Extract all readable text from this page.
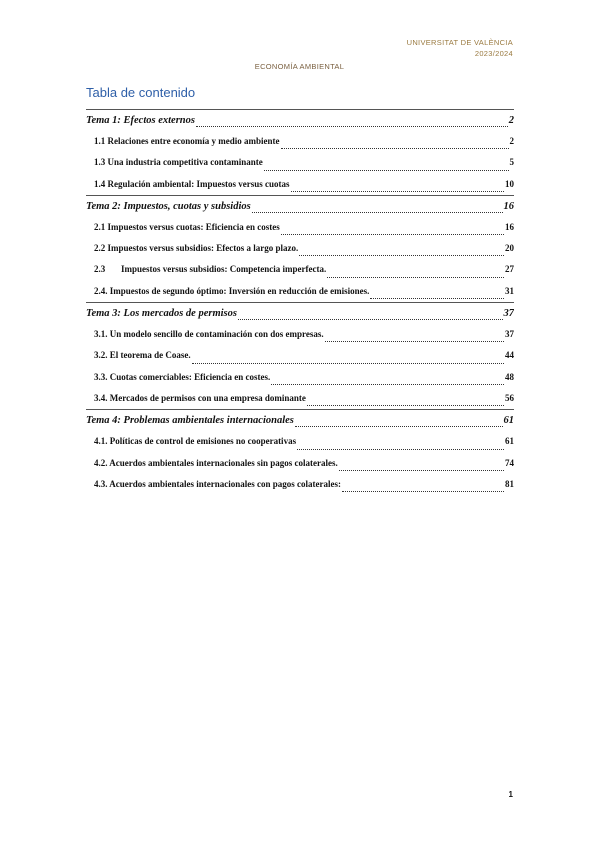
UNIVERSITAT DE VALÈNCIA
2023/2024
ECONOMÍA AMBIENTAL
Tabla de contenido
Tema 1: Efectos externos	2
1.1 Relaciones entre economía y medio ambiente	2
1.3 Una industria competitiva contaminante	5
1.4 Regulación ambiental: Impuestos versus cuotas	10
Tema 2: Impuestos, cuotas y subsidios	16
2.1 Impuestos versus cuotas: Eficiencia en costes	16
2.2 Impuestos versus subsidios: Efectos a largo plazo.	20
2.3       Impuestos versus subsidios: Competencia imperfecta.	27
2.4. Impuestos de segundo óptimo: Inversión en reducción de emisiones.	31
Tema 3: Los mercados de permisos	37
3.1. Un modelo sencillo de contaminación con dos empresas.	37
3.2. El teorema de Coase.	44
3.3. Cuotas comerciables: Eficiencia en costes.	48
3.4. Mercados de permisos con una empresa dominante	56
Tema 4: Problemas ambientales internacionales	61
4.1. Políticas de control de emisiones no cooperativas	61
4.2. Acuerdos ambientales internacionales sin pagos colaterales.	74
4.3. Acuerdos ambientales internacionales con pagos colaterales:	81
1
